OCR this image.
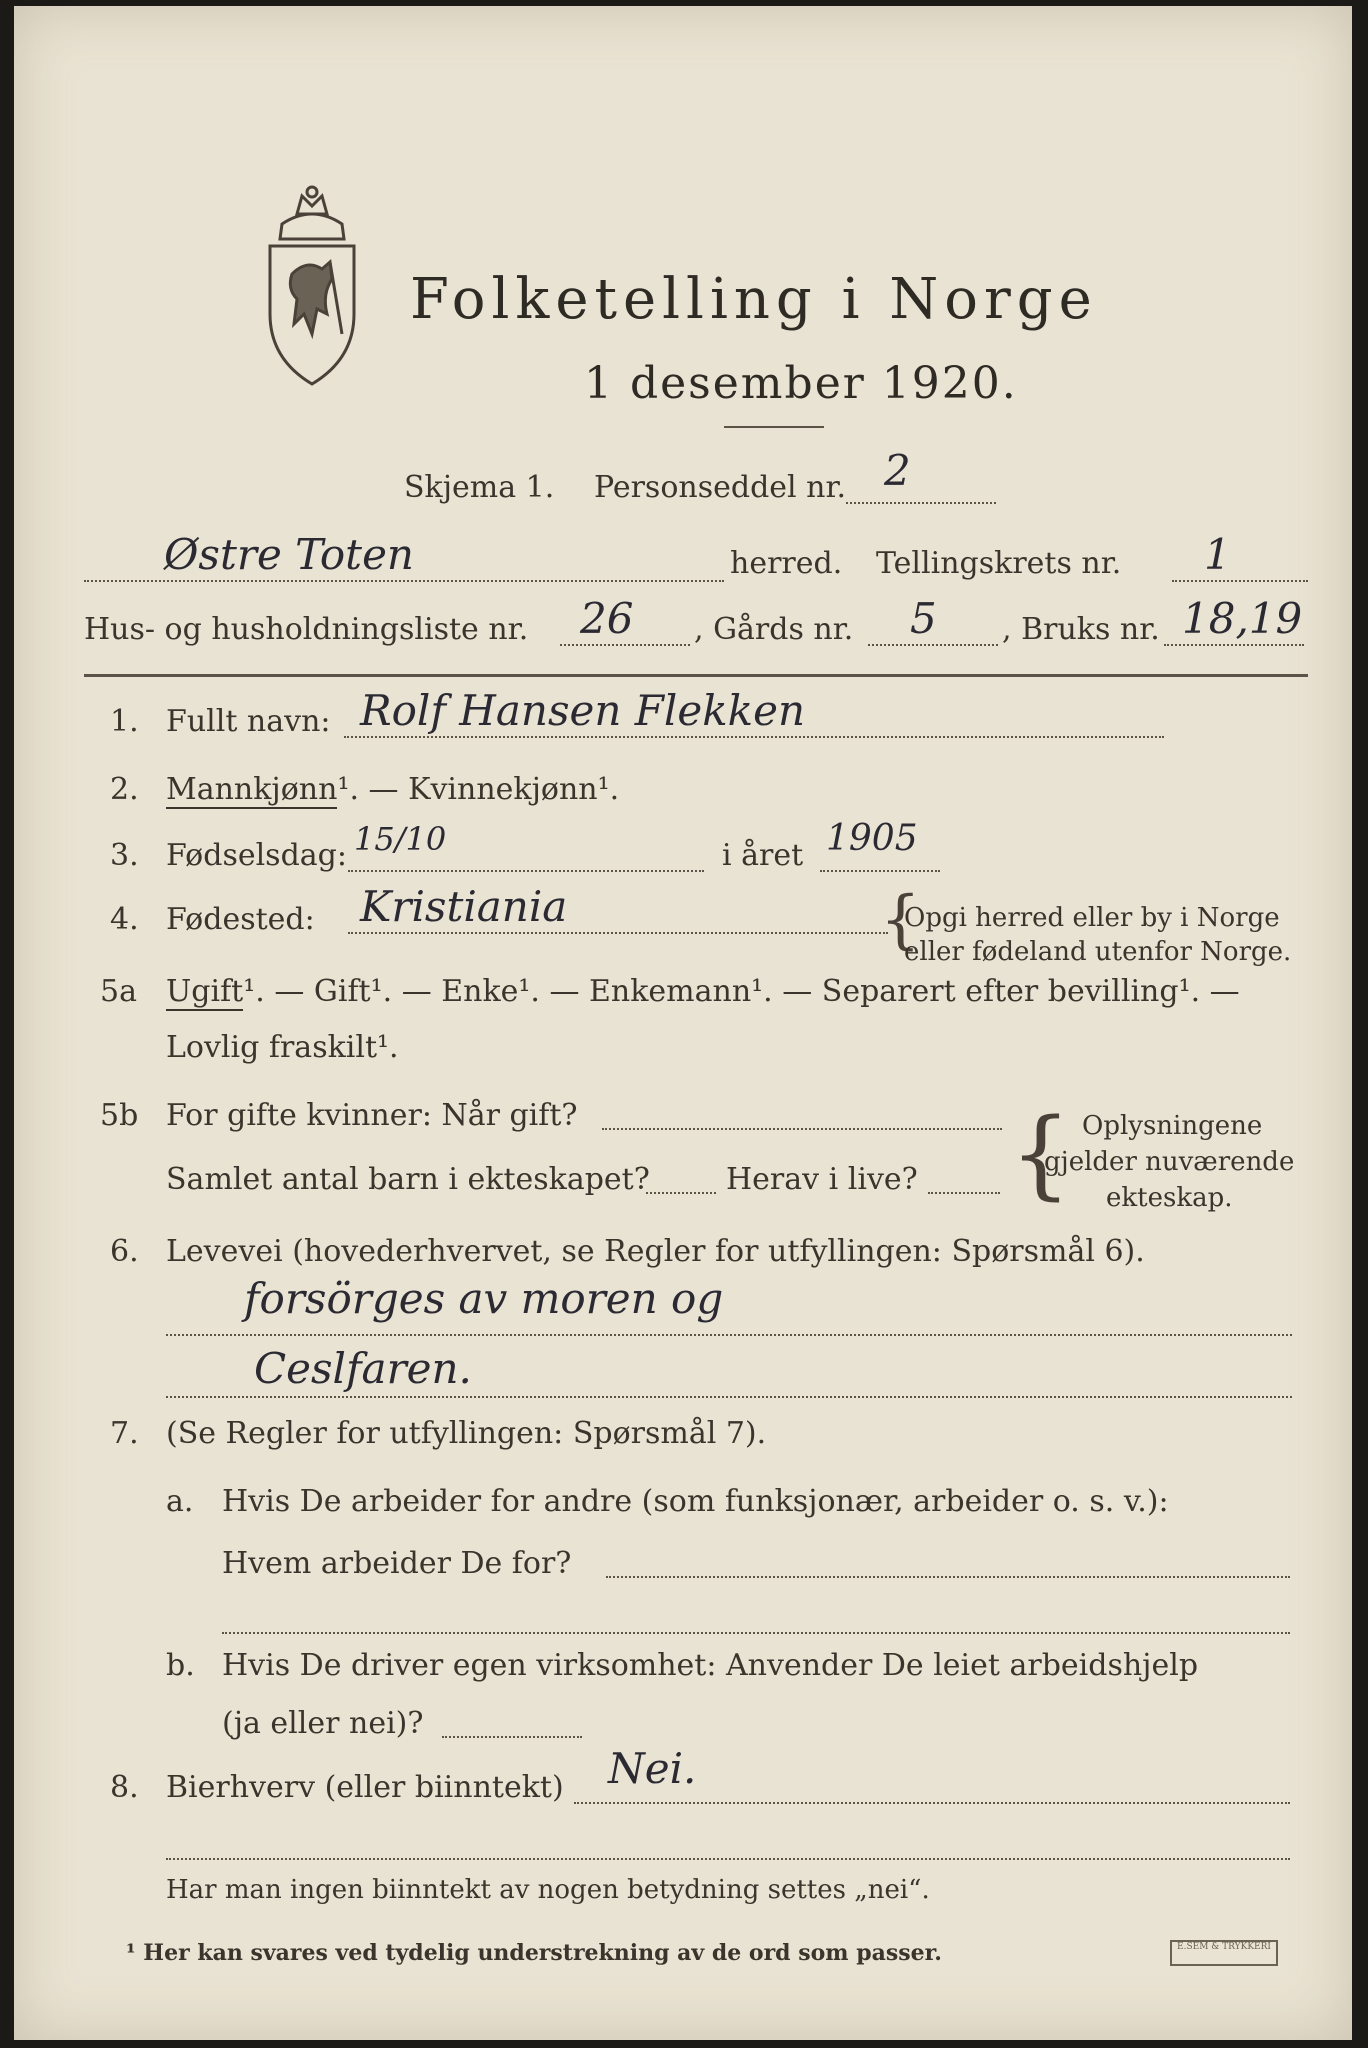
Folketelling i Norge
1 desember 1920.
Skjema 1. Personseddel nr. 2
Østre Toten	herred. Tellingskrets nr. 1
Hus- og husholdningsliste nr. 26 , Gårds nr. 5 , Bruks nr. 18,19
1. Fullt navn: Rolf Hansen Flekken
2. Mannkjønn¹. — Kvinnekjønn¹.
3. Fødselsdag: 15/10	i året 1905
4. Fødested: Kristiania	{
Opgi herred eller by i Norge
eller fødeland utenfor Norge.
5a Ugift¹. — Gift¹. — Enke¹. — Enkemann¹. — Separert efter bevilling¹. —
Lovlig fraskilt¹.
5b For gifte kvinner: Når gift?
Samlet antal barn i ekteskapet?	Herav i live? { Oplysningene
gjelder nuværende
ekteskap.
6. Levevei (hovederhvervet, se Regler for utfyllingen: Spørsmål 6).
forsörges av moren og
Ceslfaren.
7. (Se Regler for utfyllingen: Spørsmål 7).
a. Hvis De arbeider for andre (som funksjonær, arbeider o. s. v.):
Hvem arbeider De for?
b. Hvis De driver egen virksomhet: Anvender De leiet arbeidshjelp
(ja eller nei)?
8. Bierhverv (eller biinntekt) Nei.
Har man ingen biinntekt av nogen betydning settes „nei“.
¹ Her kan svares ved tydelig understrekning av de ord som passer.	E.SEM & TRYKKERI
